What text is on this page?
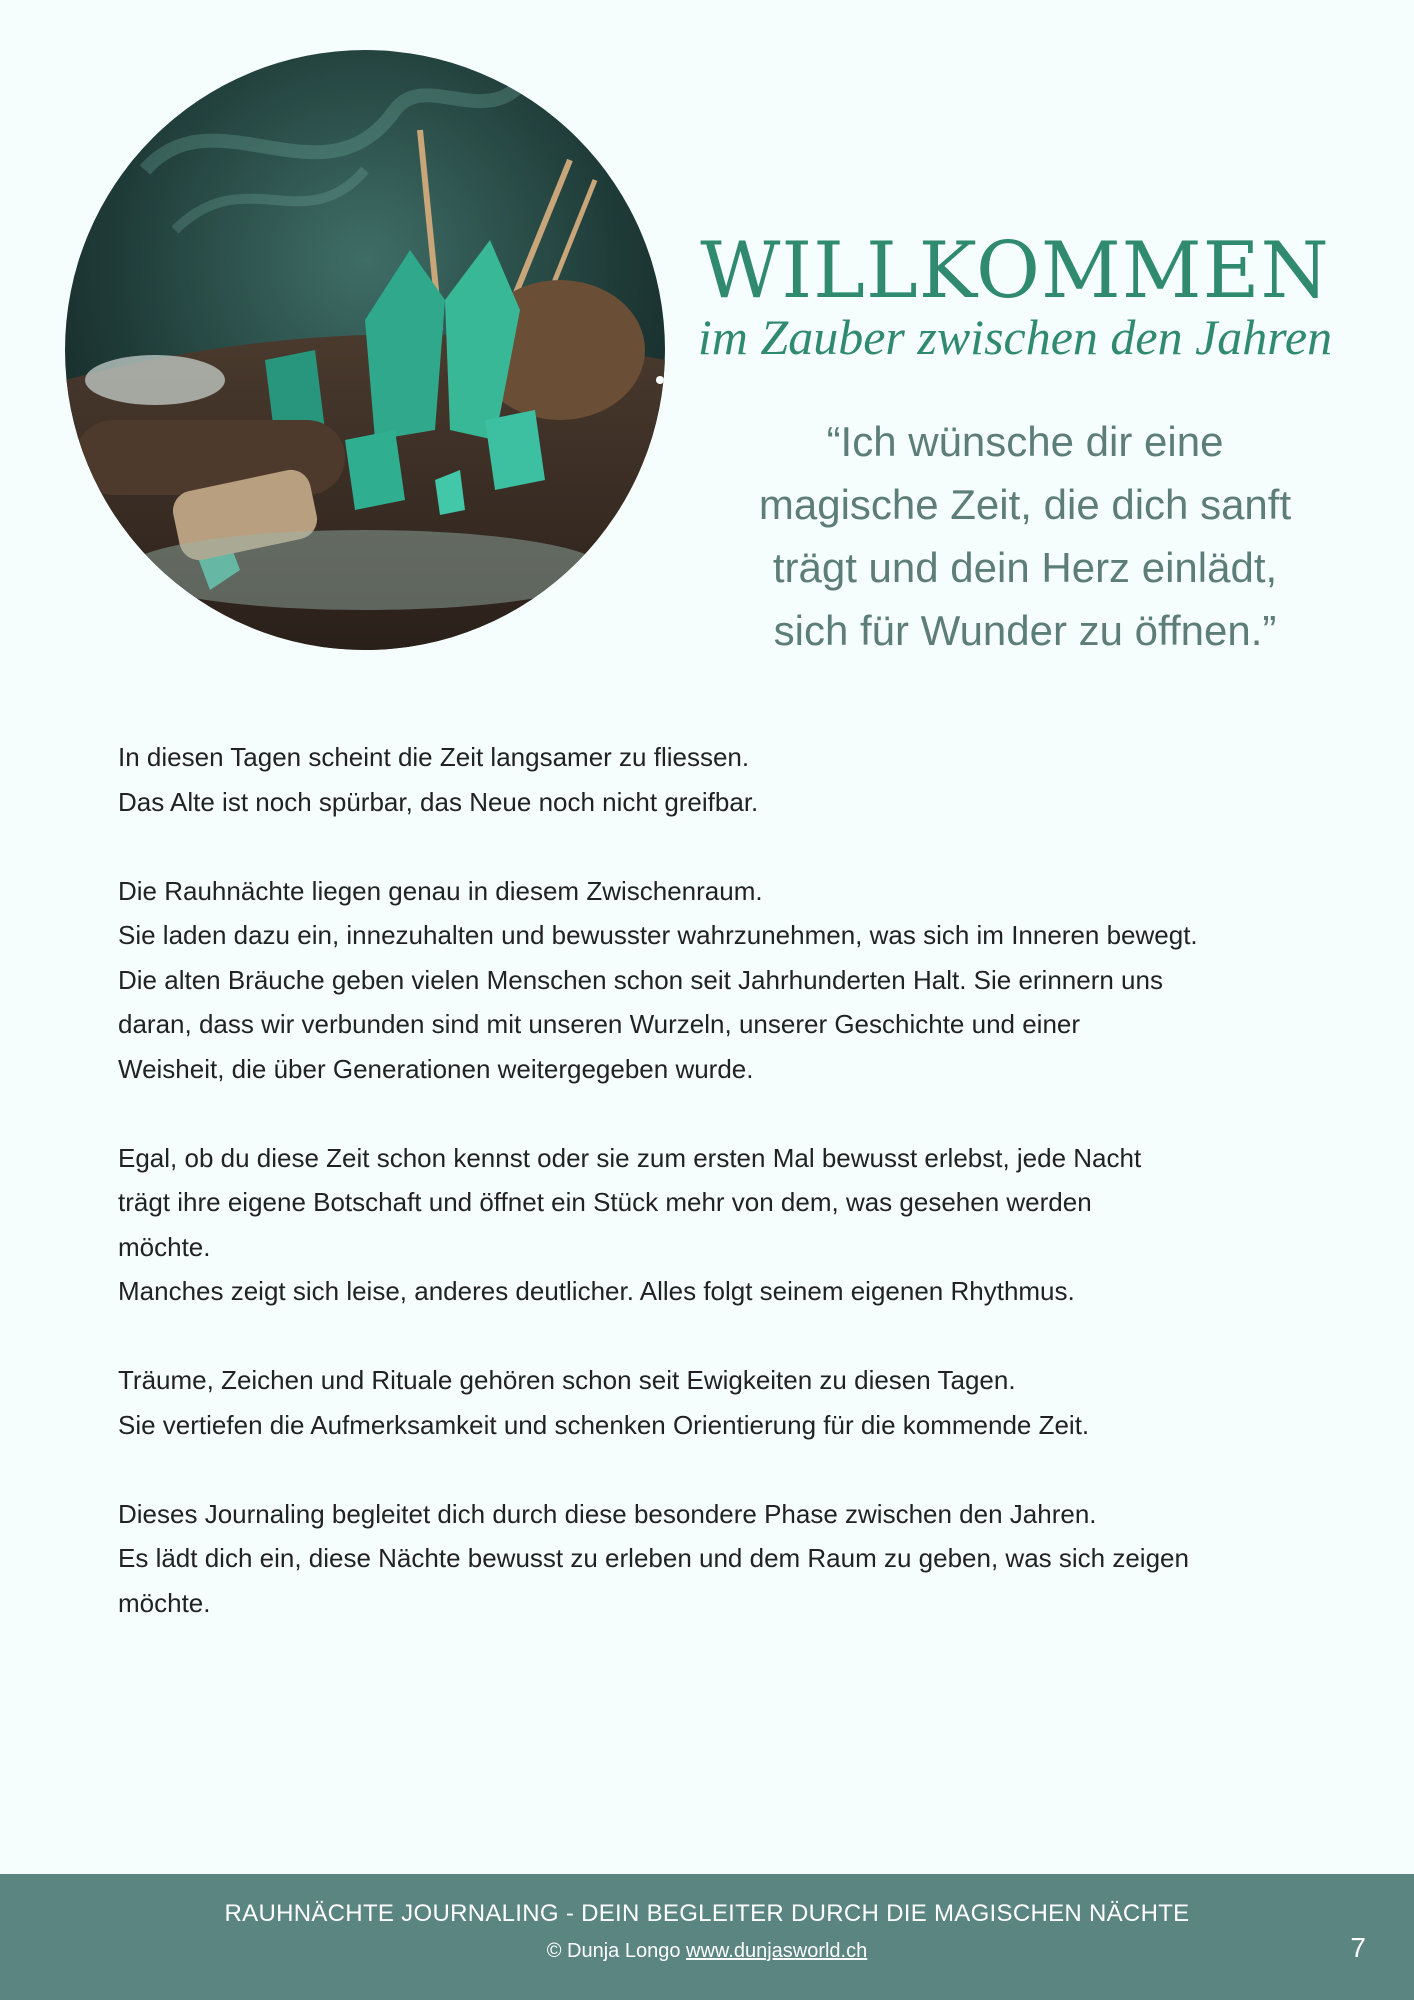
WILLKOMMEN
im Zauber zwischen den Jahren
“Ich wünsche dir eine
magische Zeit, die dich sanft
trägt und dein Herz einlädt,
sich für Wunder zu öffnen.”

In diesen Tagen scheint die Zeit langsamer zu fliessen.
Das Alte ist noch spürbar, das Neue noch nicht greifbar.

Die Rauhnächte liegen genau in diesem Zwischenraum.
Sie laden dazu ein, innezuhalten und bewusster wahrzunehmen, was sich im Inneren bewegt.
Die alten Bräuche geben vielen Menschen schon seit Jahrhunderten Halt. Sie erinnern uns
daran, dass wir verbunden sind mit unseren Wurzeln, unserer Geschichte und einer
Weisheit, die über Generationen weitergegeben wurde.

Egal, ob du diese Zeit schon kennst oder sie zum ersten Mal bewusst erlebst, jede Nacht
trägt ihre eigene Botschaft und öffnet ein Stück mehr von dem, was gesehen werden
möchte.
Manches zeigt sich leise, anderes deutlicher. Alles folgt seinem eigenen Rhythmus.

Träume, Zeichen und Rituale gehören schon seit Ewigkeiten zu diesen Tagen.
Sie vertiefen die Aufmerksamkeit und schenken Orientierung für die kommende Zeit.

Dieses Journaling begleitet dich durch diese besondere Phase zwischen den Jahren.
Es lädt dich ein, diese Nächte bewusst zu erleben und dem Raum zu geben, was sich zeigen
möchte.

RAUHNÄCHTE JOURNALING - DEIN BEGLEITER DURCH DIE MAGISCHEN NÄCHTE
© Dunja Longo www.dunjasworld.ch	7
